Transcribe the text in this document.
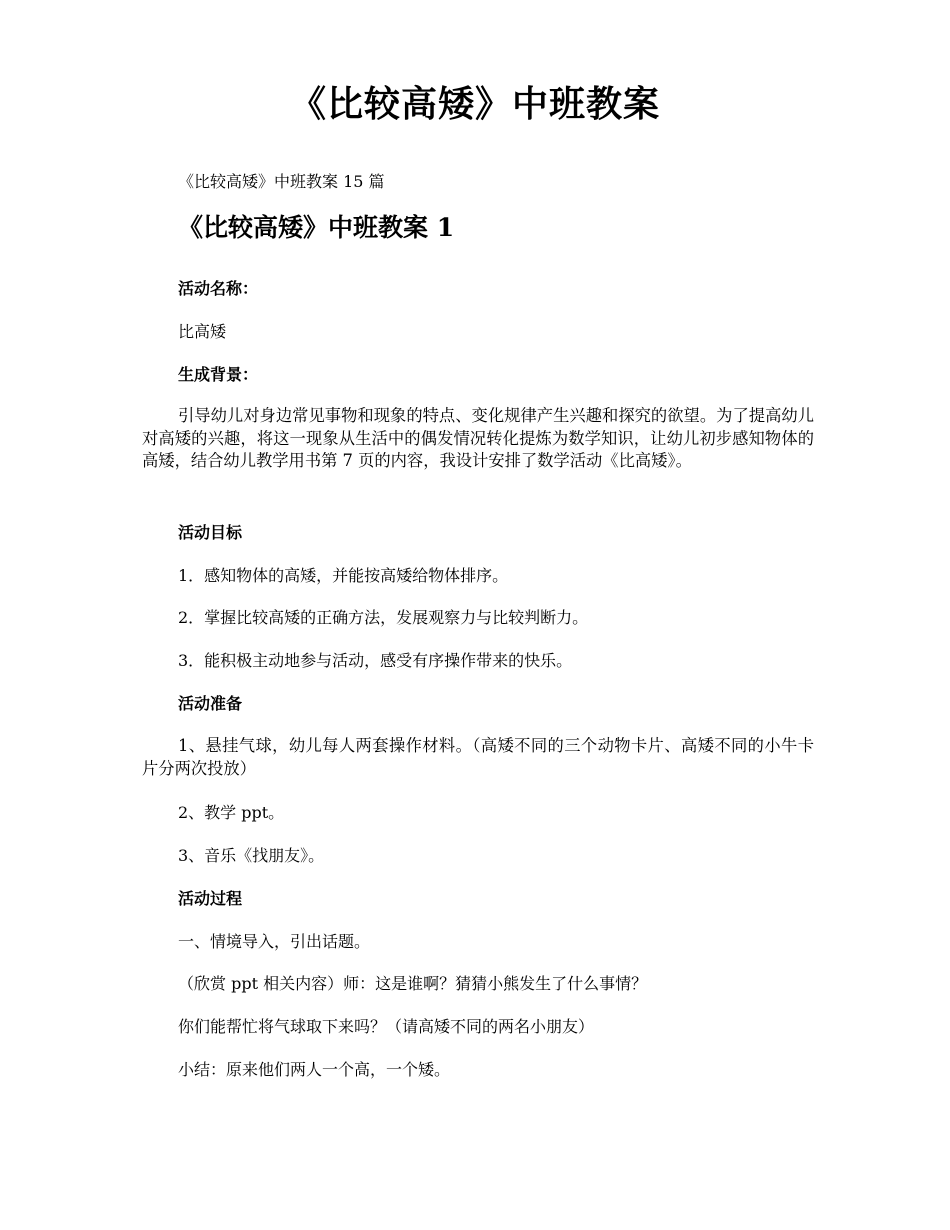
《比较高矮》中班教案
《比较高矮》中班教案 15 篇
《比较高矮》中班教案 1
活动名称：
比高矮
生成背景：
引导幼儿对身边常见事物和现象的特点、变化规律产生兴趣和探究的欲望。为了提高幼儿对高矮的兴趣，将这一现象从生活中的偶发情况转化提炼为数学知识，让幼儿初步感知物体的高矮，结合幼儿教学用书第 7 页的内容，我设计安排了数学活动《比高矮》。
活动目标
1．感知物体的高矮，并能按高矮给物体排序。
2．掌握比较高矮的正确方法，发展观察力与比较判断力。
3．能积极主动地参与活动，感受有序操作带来的快乐。
活动准备
1、悬挂气球，幼儿每人两套操作材料。（高矮不同的三个动物卡片、高矮不同的小牛卡片分两次投放）
2、教学 ppt。
3、音乐《找朋友》。
活动过程
一、情境导入，引出话题。
（欣赏 ppt 相关内容）师：这是谁啊？猜猜小熊发生了什么事情？
你们能帮忙将气球取下来吗？（请高矮不同的两名小朋友）
小结：原来他们两人一个高，一个矮。
